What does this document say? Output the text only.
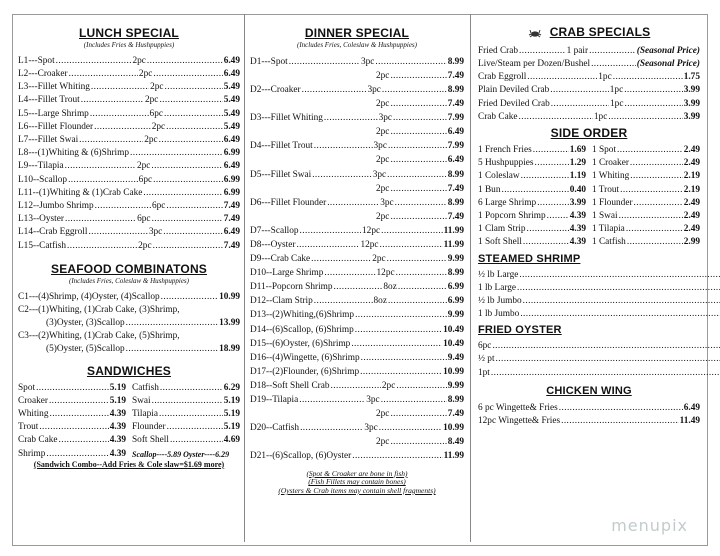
LUNCH SPECIAL
(Includes Fries & Hushpuppies)
L1---Spot .....	2pc .....	6.49
L2---Croaker .....	2pc .....	6.49
L3---Fillet Whiting .....	2pc .....	5.49
L4---Fillet Trout .....	2pc .....	5.49
L5---Large Shrimp .....	6pc .....	5.49
L6---Fillet Flounder .....	2pc .....	5.49
L7---Fillet Swai .....	2pc .....	6.49
L8---(1)Whiting & (6)Shrimp .....	6.99
L9---Tilapia .....	2pc .....	6.49
L10--Scallop .....	6pc .....	6.99
L11--(1)Whiting & (1)Crab Cake .....	6.99
L12--Jumbo Shrimp .....	6pc .....	7.49
L13--Oyster .....	6pc .....	7.49
L14--Crab Eggroll .....	3pc .....	6.49
L15--Catfish .....	2pc .....	7.49
SEAFOOD COMBINATONS
(Includes Fries, Coleslaw & Hushpuppies)
C1---(4)Shrimp, (4)Oyster, (4)Scallop .....	10.99
C2---(1)Whiting, (1)Crab Cake, (3)Shrimp,
(3)Oyster, (3)Scallop .....	13.99
C3---(2)Whiting, (1)Crab Cake, (5)Shrimp,
(5)Oyster, (5)Scallop .....	18.99
SANDWICHES
Spot .....	5.19 Catfish .....	6.29
Croaker .....	5.19 Swai .....	5.19
Whiting .....	4.39 Tilapia .....	5.19
Trout .....	4.39 Flounder .....	5.19
Crab Cake .....	4.39 Soft Shell .....	4.69
Shrimp .....	4.39 Scallop----5.89 Oyster----6.29
(Sandwich Combo--Add Fries & Cole slaw=$1.69 more)
DINNER SPECIAL
(Includes Fries, Coleslaw & Hushpuppies)
D1---Spot .....	3pc .....	8.99
2pc .....	7.49
D2---Croaker .....	3pc .....	8.99
2pc .....	7.49
D3---Fillet Whiting .....	3pc .....	7.99
2pc .....	6.49
D4---Fillet Trout .....	3pc .....	7.99
2pc .....	6.49
D5---Fillet Swai .....	3pc .....	8.99
2pc .....	7.49
D6---Fillet Flounder .....	3pc .....	8.99
2pc .....	7.49
D7---Scallop .....	12pc .....	11.99
D8---Oyster .....	12pc .....	11.99
D9---Crab Cake .....	2pc .....	9.99
D10--Large Shrimp .....	12pc .....	8.99
D11--Popcorn Shrimp .....	8oz .....	6.99
D12--Clam Strip .....	8oz .....	6.99
D13--(2)Whiting,(6)Shrimp .....	9.99
D14--(6)Scallop, (6)Shrimp .....	10.49
D15--(6)Oyster, (6)Shrimp .....	10.49
D16--(4)Wingette, (6)Shrimp .....	9.49
D17--(2)Flounder, (6)Shrimp .....	10.99
D18--Soft Shell Crab .....	2pc .....	9.99
D19--Tilapia .....	3pc .....	8.99
2pc .....	7.49
D20--Catfish .....	3pc .....	10.99
2pc .....	8.49
D21--(6)Scallop, (6)Oyster .....	11.99
(Spot & Croaker are bone in fish)
(Fish Fillets may contain bones)
(Oysters & Crab items may contain shell fragments)
CRAB SPECIALS
Fried Crab .....	1 pair .....	(Seasonal Price)
Live/Steam per Dozen/Bushel .....	(Seasonal Price)
Crab Eggroll .....	1pc .....	1.75
Plain Deviled Crab .....	1pc .....	3.99
Fried Deviled Crab .....	1pc .....	3.99
Crab Cake .....	1pc .....	3.99
SIDE ORDER
1 French Fries .....	1.69 1 Spot .....	2.49
5 Hushpuppies .....	1.29 1 Croaker .....	2.49
1 Coleslaw .....	1.19 1 Whiting .....	2.19
1 Bun .....	0.40 1 Trout .....	2.19
6 Large Shrimp .....	3.99 1 Flounder .....	2.49
1 Popcorn Shrimp .....	4.39 1 Swai .....	2.49
1 Clam Strip .....	4.39 1 Tilapia .....	2.49
1 Soft Shell .....	4.39 1 Catfish .....	2.99
STEAMED SHRIMP
½ lb Large
.....
1 lb Large
.....
½ lb Jumbo
.....
1 lb Jumbo
.....
FRIED OYSTER
6pc
.....
½ pt
.....
1pt
.....
CHICKEN WING
6 pc Wingette& Fries .....	6.49
12pc Wingette& Fries .....	11.49
menupix
